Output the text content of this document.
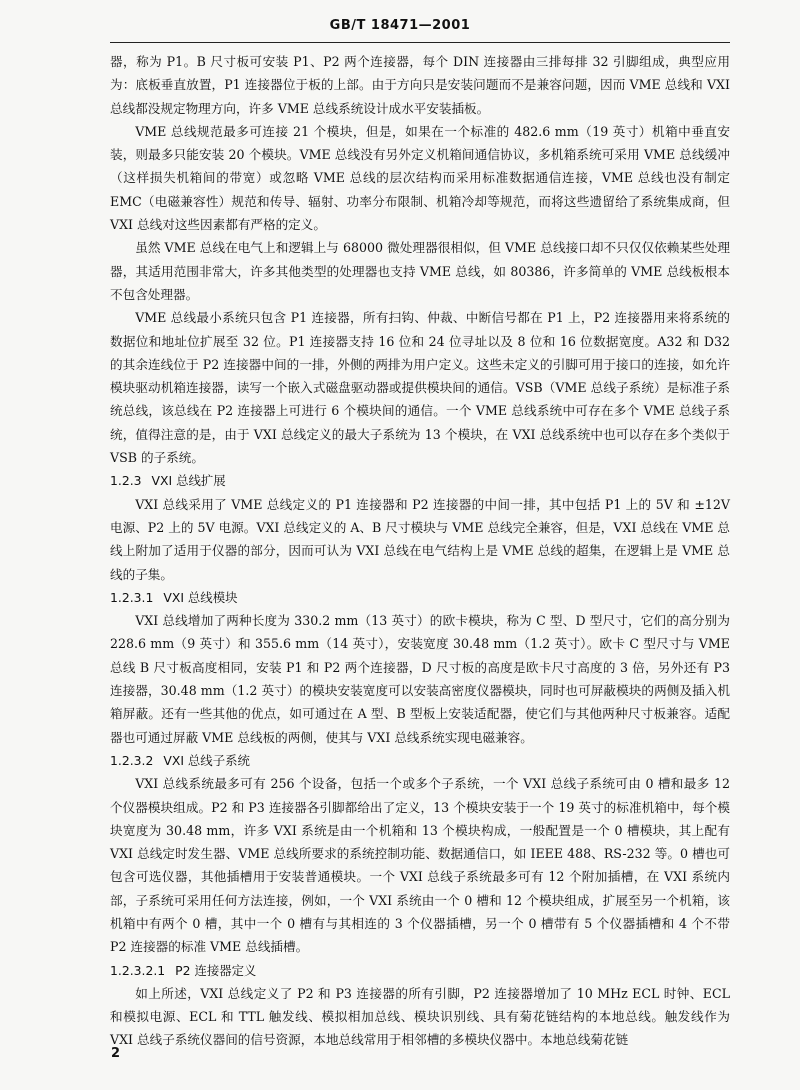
GB/T 18471—2001

器，称为 P1。B 尺寸板可安装 P1、P2 两个连接器，每个 DIN 连接器由三排每排 32 引脚组成，典型应用为：底板垂直放置，P1 连接器位于板的上部。由于方向只是安装问题而不是兼容问题，因而 VME 总线和 VXI 总线都没规定物理方向，许多 VME 总线系统设计成水平安装插板。

VME 总线规范最多可连接 21 个模块，但是，如果在一个标准的 482.6 mm（19 英寸）机箱中垂直安装，则最多只能安装 20 个模块。VME 总线没有另外定义机箱间通信协议，多机箱系统可采用 VME 总线缓冲（这样损失机箱间的带宽）或忽略 VME 总线的层次结构而采用标准数据通信连接，VME 总线也没有制定 EMC（电磁兼容性）规范和传导、辐射、功率分布限制、机箱冷却等规范，而将这些遗留给了系统集成商，但 VXI 总线对这些因素都有严格的定义。

虽然 VME 总线在电气上和逻辑上与 68000 微处理器很相似，但 VME 总线接口却不只仅仅依赖某些处理器，其适用范围非常大，许多其他类型的处理器也支持 VME 总线，如 80386，许多简单的 VME 总线板根本不包含处理器。

VME 总线最小系统只包含 P1 连接器，所有扫钩、仲裁、中断信号都在 P1 上，P2 连接器用来将系统的数据位和地址位扩展至 32 位。P1 连接器支持 16 位和 24 位寻址以及 8 位和 16 位数据宽度。A32 和 D32 的其余连线位于 P2 连接器中间的一排，外侧的两排为用户定义。这些未定义的引脚可用于接口的连接，如允许模块驱动机箱连接器，读写一个嵌入式磁盘驱动器或提供模块间的通信。VSB（VME 总线子系统）是标准子系统总线，该总线在 P2 连接器上可进行 6 个模块间的通信。一个 VME 总线系统中可存在多个 VME 总线子系统，值得注意的是，由于 VXI 总线定义的最大子系统为 13 个模块，在 VXI 总线系统中也可以存在多个类似于 VSB 的子系统。

1.2.3 VXI 总线扩展

VXI 总线采用了 VME 总线定义的 P1 连接器和 P2 连接器的中间一排，其中包括 P1 上的 5V 和 ±12V 电源、P2 上的 5V 电源。VXI 总线定义的 A、B 尺寸模块与 VME 总线完全兼容，但是，VXI 总线在 VME 总线上附加了适用于仪器的部分，因而可认为 VXI 总线在电气结构上是 VME 总线的超集，在逻辑上是 VME 总线的子集。

1.2.3.1 VXI 总线模块

VXI 总线增加了两种长度为 330.2 mm（13 英寸）的欧卡模块，称为 C 型、D 型尺寸，它们的高分别为 228.6 mm（9 英寸）和 355.6 mm（14 英寸），安装宽度 30.48 mm（1.2 英寸）。欧卡 C 型尺寸与 VME 总线 B 尺寸板高度相同，安装 P1 和 P2 两个连接器，D 尺寸板的高度是欧卡尺寸高度的 3 倍，另外还有 P3 连接器，30.48 mm（1.2 英寸）的模块安装宽度可以安装高密度仪器模块，同时也可屏蔽模块的两侧及插入机箱屏蔽。还有一些其他的优点，如可通过在 A 型、B 型板上安装适配器，使它们与其他两种尺寸板兼容。适配器也可通过屏蔽 VME 总线板的两侧，使其与 VXI 总线系统实现电磁兼容。

1.2.3.2 VXI 总线子系统

VXI 总线系统最多可有 256 个设备，包括一个或多个子系统，一个 VXI 总线子系统可由 0 槽和最多 12 个仪器模块组成。P2 和 P3 连接器各引脚都给出了定义，13 个模块安装于一个 19 英寸的标准机箱中，每个模块宽度为 30.48 mm，许多 VXI 系统是由一个机箱和 13 个模块构成，一般配置是一个 0 槽模块，其上配有 VXI 总线定时发生器、VME 总线所要求的系统控制功能、数据通信口，如 IEEE 488、RS-232 等。0 槽也可包含可选仪器，其他插槽用于安装普通模块。一个 VXI 总线子系统最多可有 12 个附加插槽，在 VXI 系统内部，子系统可采用任何方法连接，例如，一个 VXI 系统由一个 0 槽和 12 个模块组成，扩展至另一个机箱，该机箱中有两个 0 槽，其中一个 0 槽有与其相连的 3 个仪器插槽，另一个 0 槽带有 5 个仪器插槽和 4 个不带 P2 连接器的标准 VME 总线插槽。

1.2.3.2.1 P2 连接器定义

如上所述，VXI 总线定义了 P2 和 P3 连接器的所有引脚，P2 连接器增加了 10 MHz ECL 时钟、ECL 和模拟电源、ECL 和 TTL 触发线、模拟相加总线、模块识别线、具有菊花链结构的本地总线。触发线作为 VXI 总线子系统仪器间的信号资源，本地总线常用于相邻槽的多模块仪器中。本地总线菊花链

2
